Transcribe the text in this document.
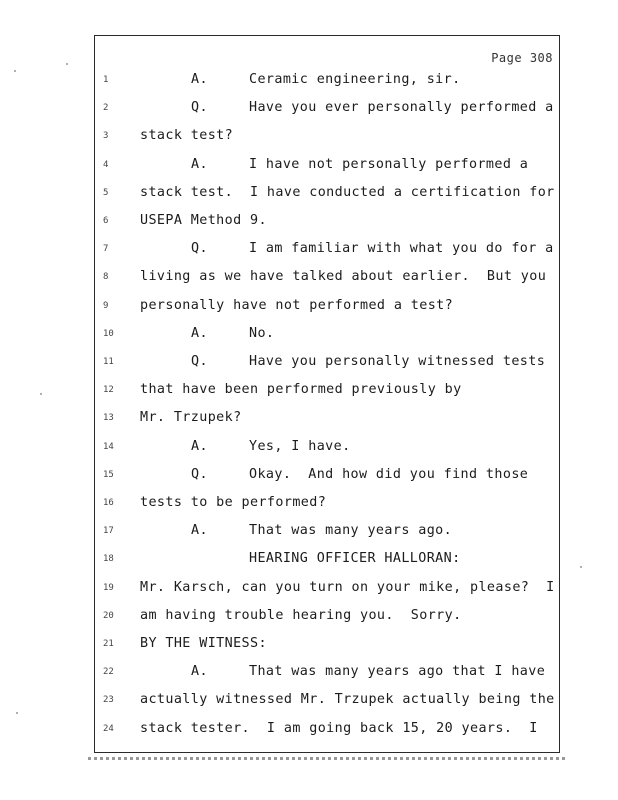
Page 308
1	A.	Ceramic engineering, sir.
2	Q.	Have you ever personally performed a
3	stack test?
4	A.	I have not personally performed a
5	stack test.  I have conducted a certification for
6	USEPA Method 9.
7	Q.	I am familiar with what you do for a
8	living as we have talked about earlier.  But you
9	personally have not performed a test?
10	A.	No.
11	Q.	Have you personally witnessed tests
12	that have been performed previously by
13	Mr. Trzupek?
14	A.	Yes, I have.
15	Q.	Okay.  And how did you find those
16	tests to be performed?
17	A.	That was many years ago.
18	HEARING OFFICER HALLORAN:
19	Mr. Karsch, can you turn on your mike, please?  I
20	am having trouble hearing you.  Sorry.
21	BY THE WITNESS:
22	A.	That was many years ago that I have
23	actually witnessed Mr. Trzupek actually being the
24	stack tester.  I am going back 15, 20 years.  I
